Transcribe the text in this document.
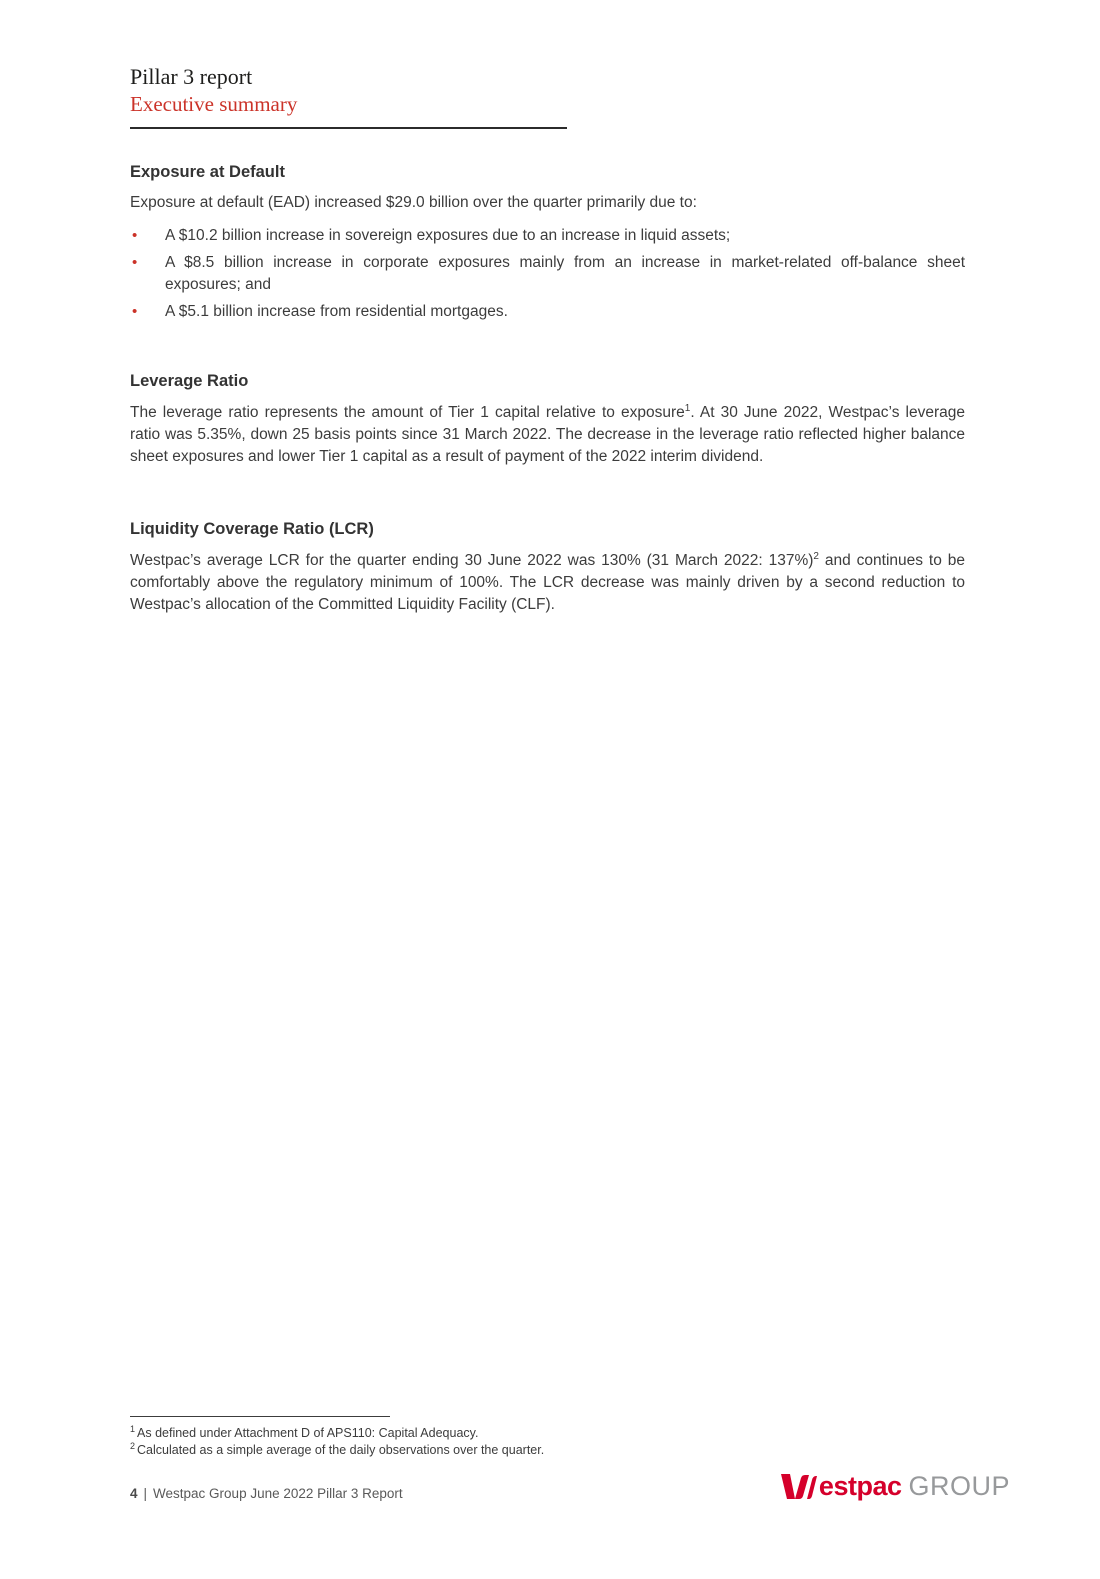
Pillar 3 report
Executive summary
Exposure at Default
Exposure at default (EAD) increased $29.0 billion over the quarter primarily due to:
•
A $10.2 billion increase in sovereign exposures due to an increase in liquid assets;
•
A $8.5 billion increase in corporate exposures mainly from an increase in market-related off-balance sheet exposures; and
•
A $5.1 billion increase from residential mortgages.
Leverage Ratio
The leverage ratio represents the amount of Tier 1 capital relative to exposure$^1$. At 30 June 2022, Westpac’s leverage ratio was 5.35%, down 25 basis points since 31 March 2022. The decrease in the leverage ratio reflected higher balance sheet exposures and lower Tier 1 capital as a result of payment of the 2022 interim dividend.
Liquidity Coverage Ratio (LCR)
Westpac’s average LCR for the quarter ending 30 June 2022 was 130% (31 March 2022: 137%)$^2$ and continues to be comfortably above the regulatory minimum of 100%. The LCR decrease was mainly driven by a second reduction to Westpac’s allocation of the Committed Liquidity Facility (CLF).
$^1$ As defined under Attachment D of APS110: Capital Adequacy.
$^2$ Calculated as a simple average of the daily observations over the quarter.
4 | Westpac Group June 2022 Pillar 3 Report	estpac GROUP
